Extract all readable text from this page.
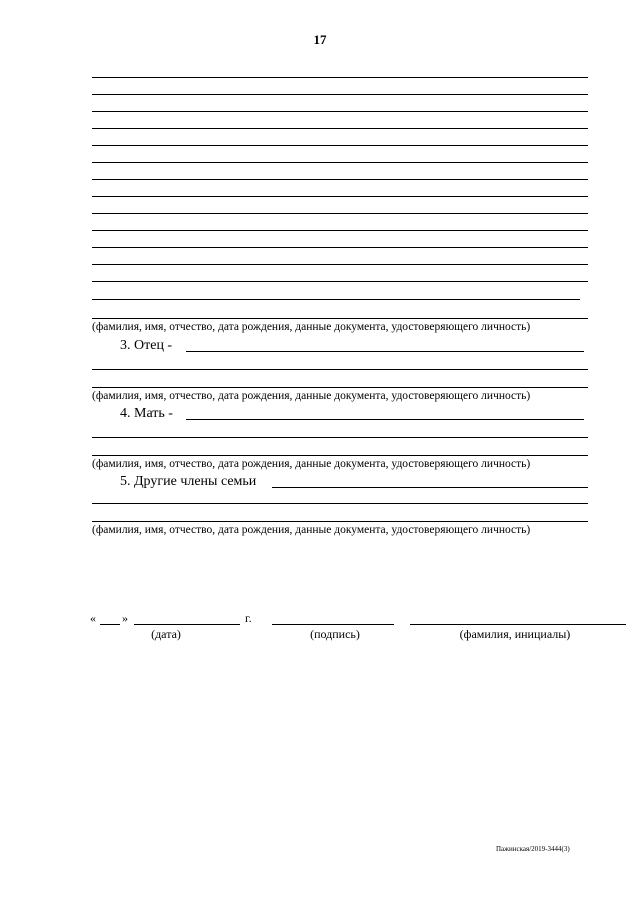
17
(фамилия, имя, отчество, дата рождения, данные документа, удостоверяющего личность)
3. Отец -
(фамилия, имя, отчество, дата рождения, данные документа, удостоверяющего личность)
4. Мать -
(фамилия, имя, отчество, дата рождения, данные документа, удостоверяющего личность)
5. Другие члены семьи
(фамилия, имя, отчество, дата рождения, данные документа, удостоверяющего личность)
« »	г.
(дата)	(подпись)	(фамилия, инициалы)
Пажинская/2019-3444(3)
